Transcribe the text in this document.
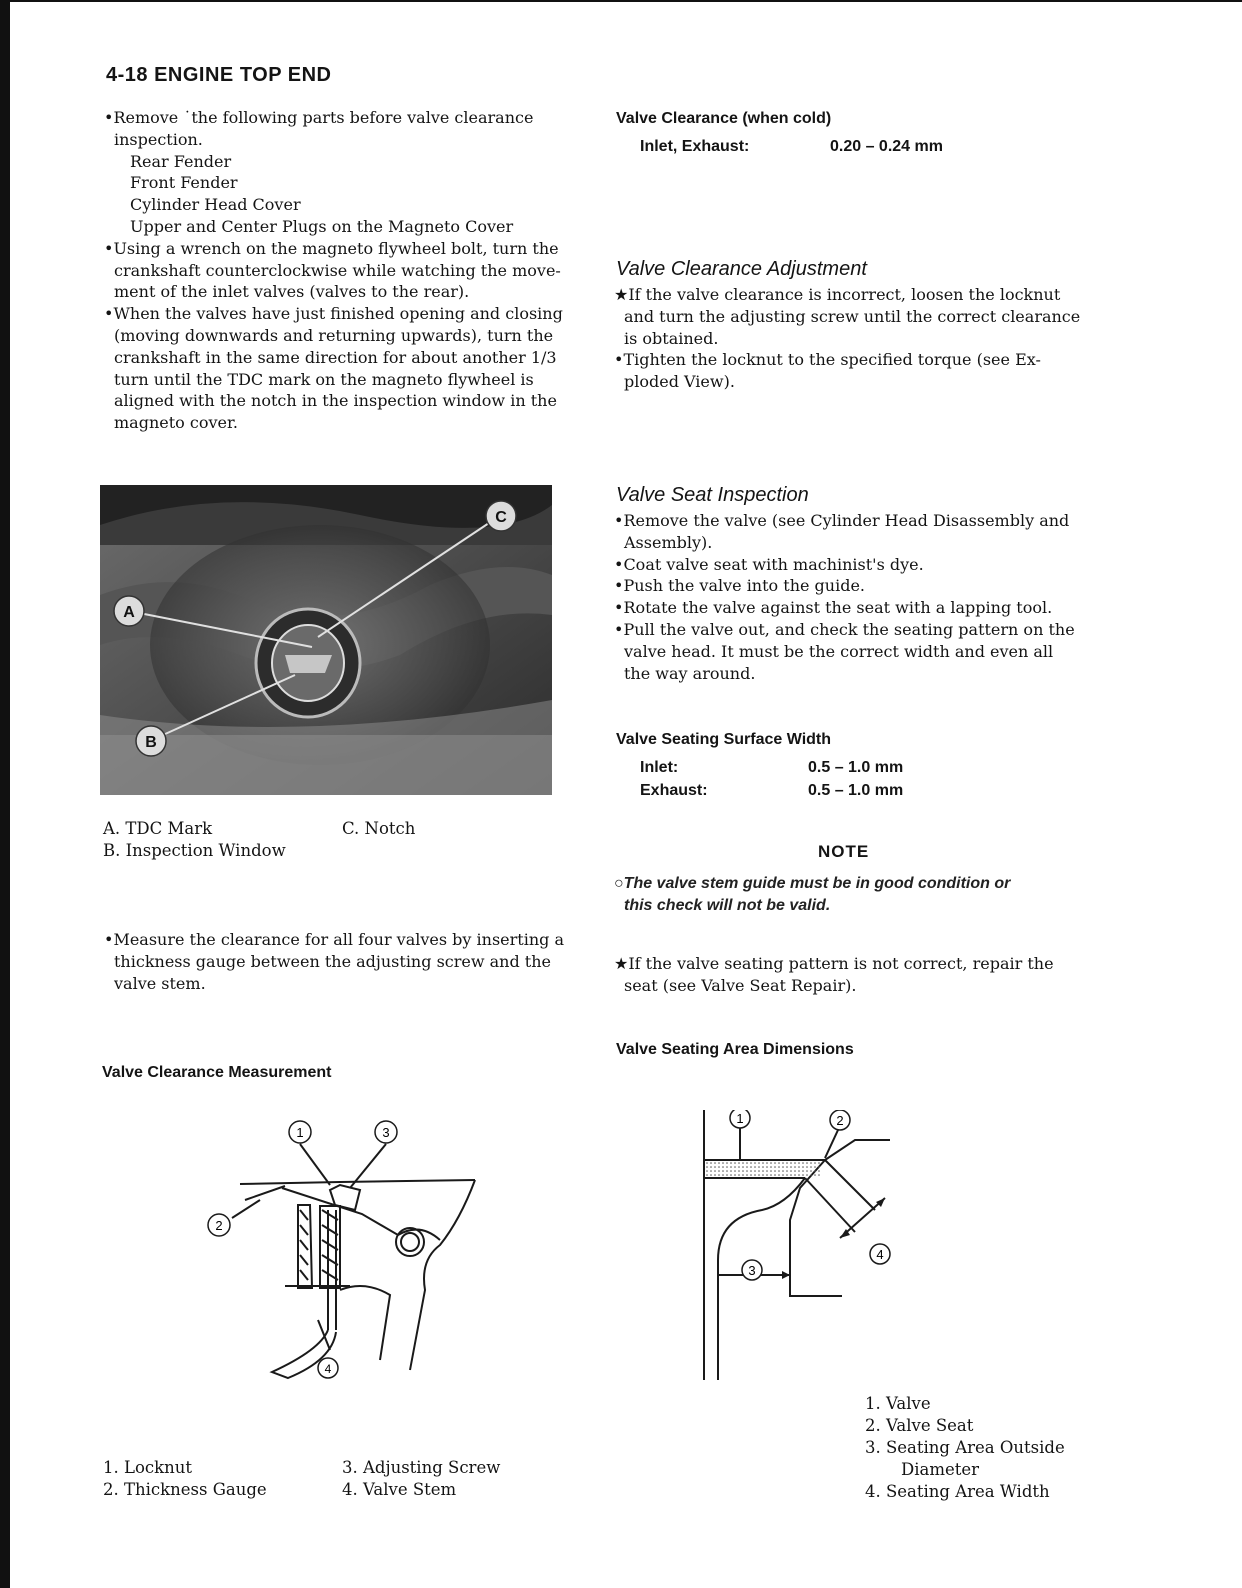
4-18 ENGINE TOP END

•Remove ˙the following parts before valve clearance

inspection.

Rear Fender

Front Fender

Cylinder Head Cover

Upper and Center Plugs on the Magneto Cover

•Using a wrench on the magneto flywheel bolt, turn the

crankshaft counterclockwise while watching the move-

ment of the inlet valves (valves to the rear).

•When the valves have just finished opening and closing

(moving downwards and returning upwards), turn the

crankshaft in the same direction for about another 1/3

turn until the TDC mark on the magneto flywheel is

aligned with the notch in the inspection window in the

magneto cover.

A
B
C

A. TDC Mark

B. Inspection Window

C. Notch

•Measure the clearance for all four valves by inserting a

thickness gauge between the adjusting screw and the

valve stem.

Valve Clearance Measurement
1
2
3
4

1. Locknut

2. Thickness Gauge

3. Adjusting Screw

4. Valve Stem

Valve Clearance (when cold)
Inlet, Exhaust:	0.20 – 0.24 mm
Valve Clearance Adjustment

★If the valve clearance is incorrect, loosen the locknut

and turn the adjusting screw until the correct clearance

is obtained.

•Tighten the locknut to the specified torque (see Ex-

ploded View).

Valve Seat Inspection

•Remove the valve (see Cylinder Head Disassembly and

Assembly).

•Coat valve seat with machinist's dye.

•Push the valve into the guide.

•Rotate the valve against the seat with a lapping tool.

•Pull the valve out, and check the seating pattern on the

valve head. It must be the correct width and even all

the way around.

Valve Seating Surface Width
Inlet:	0.5 – 1.0 mm
Exhaust:	0.5 – 1.0 mm
NOTE

○The valve stem guide must be in good condition or

this check will not be valid.

★If the valve seating pattern is not correct, repair the

seat (see Valve Seat Repair).

Valve Seating Area Dimensions
1	2
3
4

1. Valve

2. Valve Seat

3. Seating Area Outside

Diameter

4. Seating Area Width
